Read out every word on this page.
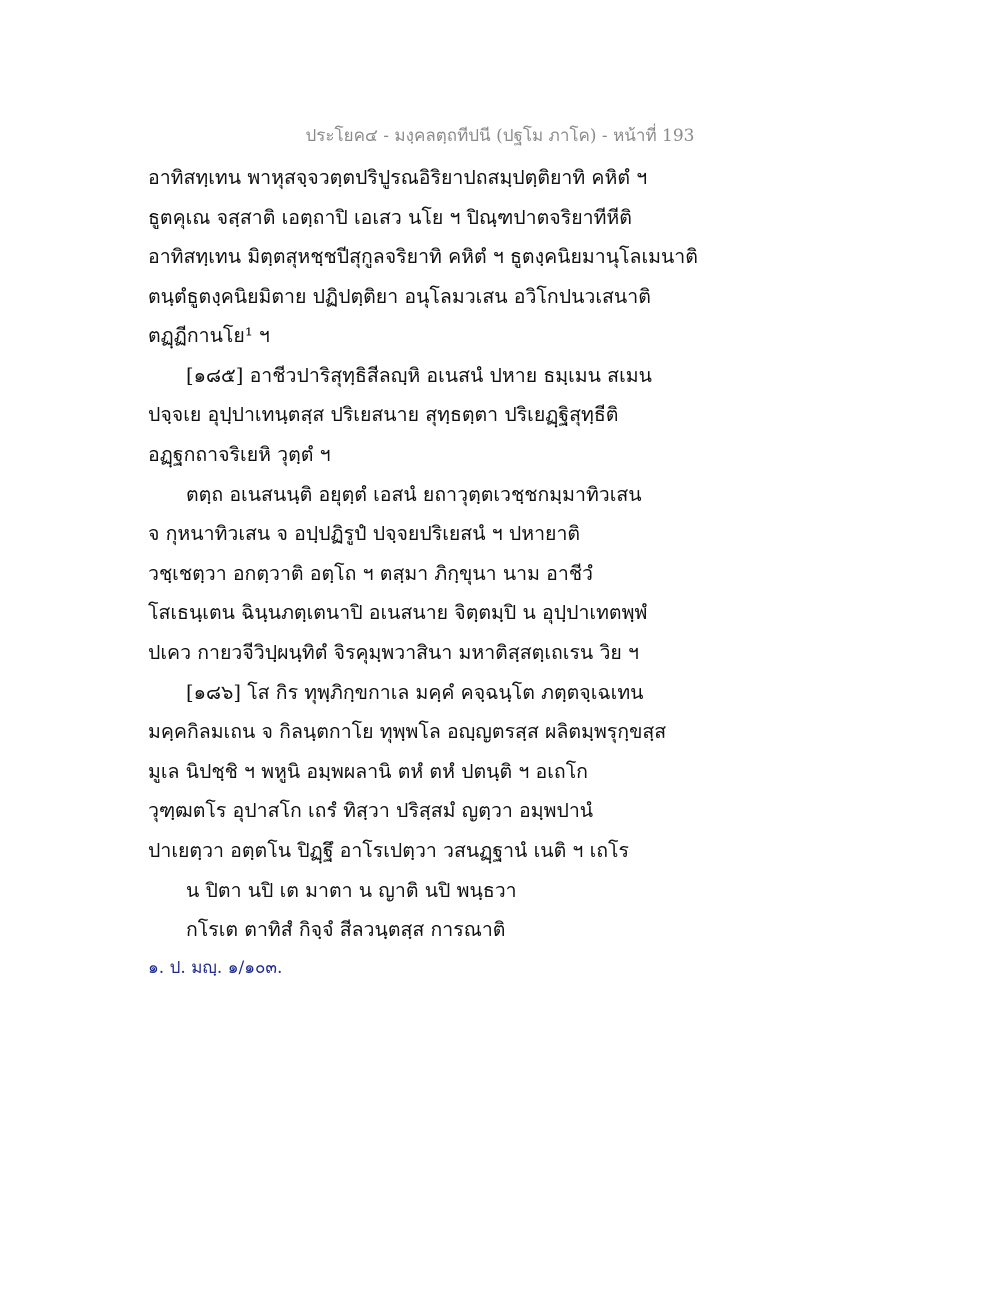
ประโยค๔ - มงฺคลตฺถทีปนี (ปฐโม ภาโค) - หน้าที่ 193
อาทิสทฺเทน พาหุสจฺจวตฺตปริปูรณอิริยาปถสมฺปตฺติยาทิ คหิตํ ฯ
ธูตคุเณ จสฺสาติ เอตฺถาปิ เอเสว นโย ฯ ปิณฺฑปาตจริยาทีหีติ
อาทิสทฺเทน มิตฺตสุหชฺชปีสุกูลจริยาทิ คหิตํ ฯ ธูตงฺคนิยมานุโลเมนาติ
ตนฺตํธูตงฺคนิยมิตาย ปฏิปตฺติยา อนุโลมวเสน อวิโกปนวเสนาติ
ตฏฺฏีกานโย¹ ฯ
[๑๘๕] อาชีวปาริสุทฺธิสีลญฺหิ อเนสนํ ปหาย ธมฺเมน สเมน
ปจฺจเย อุปฺปาเทนฺตสฺส ปริเยสนาย สุทฺธตฺตา ปริเยฏฺฐิสุทฺธีติ
อฏฺฐกถาจริเยหิ วุตฺตํ ฯ
ตตฺถ อเนสนนฺติ อยุตฺตํ เอสนํ ยถาวุตฺตเวชฺชกมฺมาทิวเสน
จ กุหนาทิวเสน จ อปฺปฏิรูปํ ปจฺจยปริเยสนํ ฯ ปหายาติ
วชฺเชตฺวา อกตฺวาติ อตฺโถ ฯ ตสฺมา ภิกฺขุนา นาม อาชีวํ
โสเธนฺเตน ฉินฺนภตฺเตนาปิ อเนสนาย จิตฺตมฺปิ น อุปฺปาเทตพฺพํ
ปเคว กายวจีวิปฺผนฺทิตํ จิรคุมฺพวาสินา มหาติสฺสตฺเถเรน วิย ฯ
[๑๘๖] โส กิร ทุพฺภิกฺขกาเล มคฺคํ คจฺฉนฺโต ภตฺตจฺเฉเทน
มคฺคกิลมเถน จ กิลนฺตกาโย ทุพฺพโล อญฺญตรสฺส ผลิตมฺพรุกฺขสฺส
มูเล นิปชฺชิ ฯ พหูนิ อมฺพผลานิ ตหํ ตหํ ปตนฺติ ฯ อเถโก
วุฑฺฒตโร อุปาสโก เถรํ ทิสฺวา ปริสฺสมํ ญตฺวา อมฺพปานํ
ปาเยตฺวา อตฺตโน ปิฏฺฐึ อาโรเปตฺวา วสนฏฺฐานํ เนติ ฯ เถโร
น ปิตา นปิ เต มาตา น ญาติ นปิ พนฺธวา
กโรเต ตาทิสํ กิจฺจํ สีลวนฺตสฺส การณาติ
๑. ป. มญฺ. ๑/๑๐๓.
